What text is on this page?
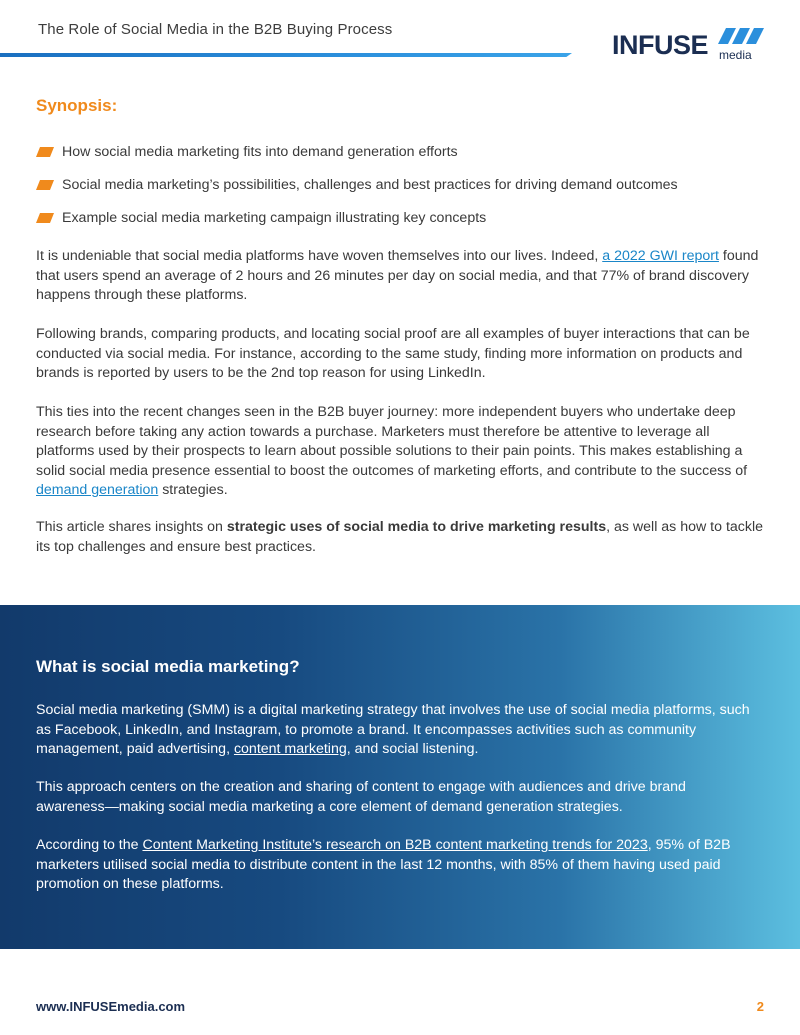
The Role of Social Media in the B2B Buying Process
INFUSE media
Synopsis:
How social media marketing fits into demand generation efforts
Social media marketing’s possibilities, challenges and best practices for driving demand outcomes
Example social media marketing campaign illustrating key concepts

It is undeniable that social media platforms have woven themselves into our lives. Indeed, a 2022 GWI report found that users spend an average of 2 hours and 26 minutes per day on social media, and that 77% of brand discovery happens through these platforms.

Following brands, comparing products, and locating social proof are all examples of buyer interactions that can be conducted via social media. For instance, according to the same study, finding more information on products and brands is reported by users to be the 2nd top reason for using LinkedIn.

This ties into the recent changes seen in the B2B buyer journey: more independent buyers who undertake deep research before taking any action towards a purchase. Marketers must therefore be attentive to leverage all platforms used by their prospects to learn about possible solutions to their pain points. This makes establishing a solid social media presence essential to boost the outcomes of marketing efforts, and contribute to the success of demand generation strategies.

This article shares insights on strategic uses of social media to drive marketing results, as well as how to tackle its top challenges and ensure best practices.

What is social media marketing?

Social media marketing (SMM) is a digital marketing strategy that involves the use of social media platforms, such as Facebook, LinkedIn, and Instagram, to promote a brand. It encompasses activities such as community management, paid advertising, content marketing, and social listening.

This approach centers on the creation and sharing of content to engage with audiences and drive brand awareness—making social media marketing a core element of demand generation strategies.

According to the Content Marketing Institute’s research on B2B content marketing trends for 2023, 95% of B2B marketers utilised social media to distribute content in the last 12 months, with 85% of them having used paid promotion on these platforms.

www.INFUSEmedia.com	2
